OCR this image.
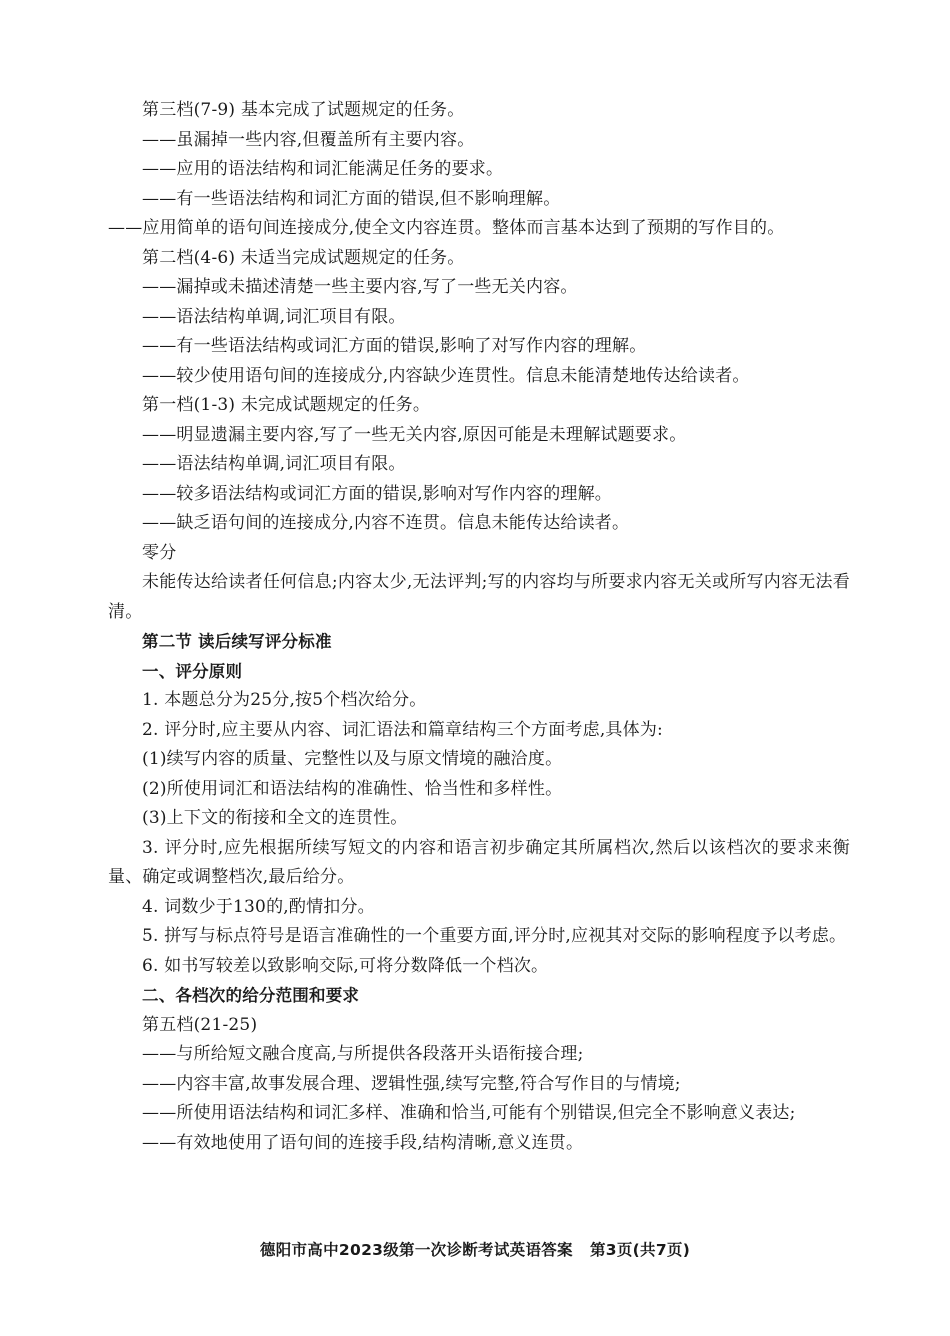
第三档(7-9) 基本完成了试题规定的任务。
——虽漏掉一些内容,但覆盖所有主要内容。
——应用的语法结构和词汇能满足任务的要求。
——有一些语法结构和词汇方面的错误,但不影响理解。
——应用简单的语句间连接成分,使全文内容连贯。整体而言基本达到了预期的写作目的。
第二档(4-6) 未适当完成试题规定的任务。
——漏掉或未描述清楚一些主要内容,写了一些无关内容。
——语法结构单调,词汇项目有限。
——有一些语法结构或词汇方面的错误,影响了对写作内容的理解。
——较少使用语句间的连接成分,内容缺少连贯性。信息未能清楚地传达给读者。
第一档(1-3) 未完成试题规定的任务。
——明显遗漏主要内容,写了一些无关内容,原因可能是未理解试题要求。
——语法结构单调,词汇项目有限。
——较多语法结构或词汇方面的错误,影响对写作内容的理解。
——缺乏语句间的连接成分,内容不连贯。信息未能传达给读者。
零分
未能传达给读者任何信息;内容太少,无法评判;写的内容均与所要求内容无关或所写内容无法看清。
第二节 读后续写评分标准
一、评分原则
1. 本题总分为25分,按5个档次给分。
2. 评分时,应主要从内容、词汇语法和篇章结构三个方面考虑,具体为:
(1)续写内容的质量、完整性以及与原文情境的融洽度。
(2)所使用词汇和语法结构的准确性、恰当性和多样性。
(3)上下文的衔接和全文的连贯性。
3. 评分时,应先根据所续写短文的内容和语言初步确定其所属档次,然后以该档次的要求来衡量、确定或调整档次,最后给分。
4. 词数少于130的,酌情扣分。
5. 拼写与标点符号是语言准确性的一个重要方面,评分时,应视其对交际的影响程度予以考虑。
6. 如书写较差以致影响交际,可将分数降低一个档次。
二、各档次的给分范围和要求
第五档(21-25)
——与所给短文融合度高,与所提供各段落开头语衔接合理;
——内容丰富,故事发展合理、逻辑性强,续写完整,符合写作目的与情境;
——所使用语法结构和词汇多样、准确和恰当,可能有个别错误,但完全不影响意义表达;
——有效地使用了语句间的连接手段,结构清晰,意义连贯。
德阳市高中2023级第一次诊断考试英语答案 第3页(共7页)
